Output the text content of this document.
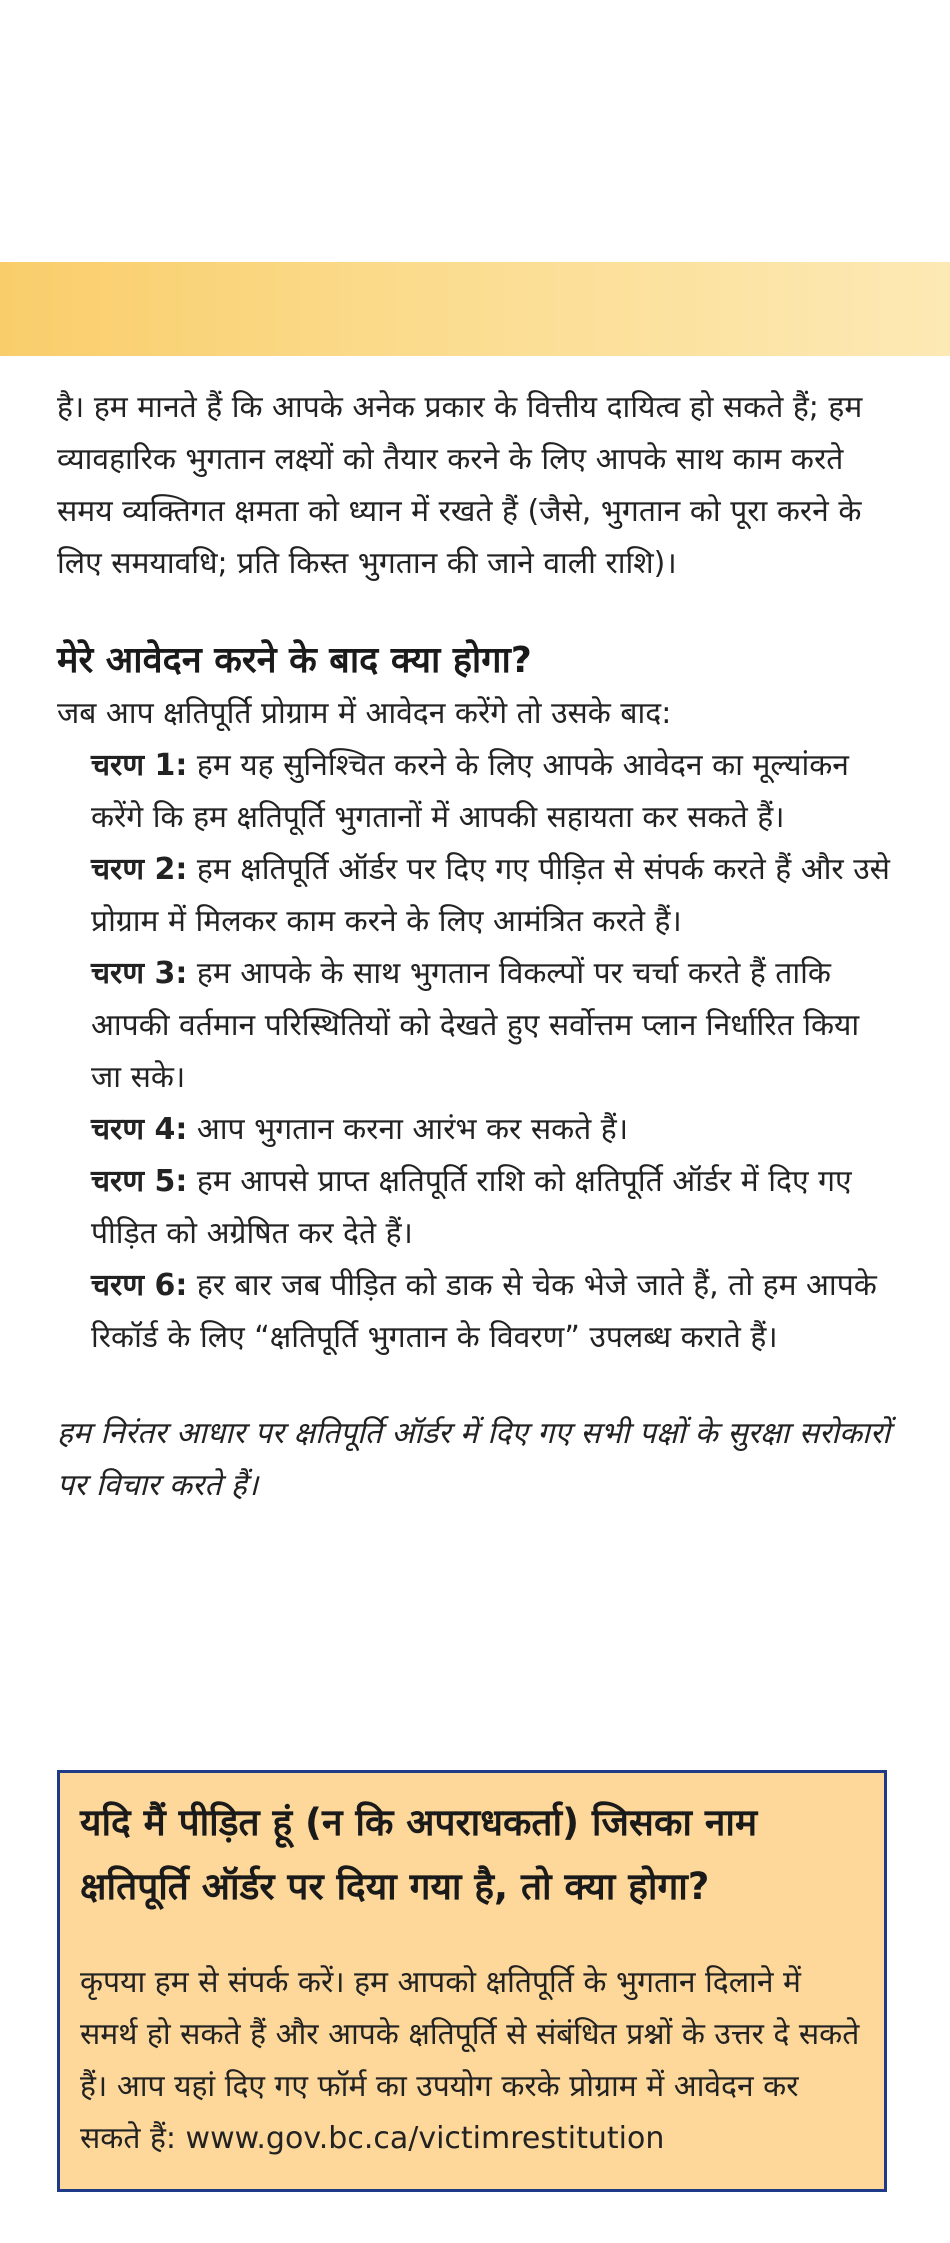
है। हम मानते हैं कि आपके अनेक प्रकार के वित्तीय दायित्व हो सकते हैं; हम व्यावहारिक भुगतान लक्ष्यों को तैयार करने के लिए आपके साथ काम करते समय व्यक्तिगत क्षमता को ध्यान में रखते हैं (जैसे, भुगतान को पूरा करने के लिए समयावधि; प्रति किस्त भुगतान की जाने वाली राशि)।

मेरे आवेदन करने के बाद क्या होगा?

जब आप क्षतिपूर्ति प्रोग्राम में आवेदन करेंगे तो उसके बाद:

चरण 1: हम यह सुनिश्चित करने के लिए आपके आवेदन का मूल्यांकन करेंगे कि हम क्षतिपूर्ति भुगतानों में आपकी सहायता कर सकते हैं।

चरण 2: हम क्षतिपूर्ति ऑर्डर पर दिए गए पीड़ित से संपर्क करते हैं और उसे प्रोग्राम में मिलकर काम करने के लिए आमंत्रित करते हैं।

चरण 3: हम आपके के साथ भुगतान विकल्पों पर चर्चा करते हैं ताकि आपकी वर्तमान परिस्थितियों को देखते हुए सर्वोत्तम प्लान निर्धारित किया जा सके।

चरण 4: आप भुगतान करना आरंभ कर सकते हैं।

चरण 5: हम आपसे प्राप्त क्षतिपूर्ति राशि को क्षतिपूर्ति ऑर्डर में दिए गए पीड़ित को अग्रेषित कर देते हैं।

चरण 6: हर बार जब पीड़ित को डाक से चेक भेजे जाते हैं, तो हम आपके रिकॉर्ड के लिए “क्षतिपूर्ति भुगतान के विवरण” उपलब्ध कराते हैं।

हम निरंतर आधार पर क्षतिपूर्ति ऑर्डर में दिए गए सभी पक्षों के सुरक्षा सरोकारों पर विचार करते हैं।

यदि मैं पीड़ित हूं (न कि अपराधकर्ता) जिसका नाम क्षतिपूर्ति ऑर्डर पर दिया गया है, तो क्या होगा?

कृपया हम से संपर्क करें। हम आपको क्षतिपूर्ति के भुगतान दिलाने में समर्थ हो सकते हैं और आपके क्षतिपूर्ति से संबंधित प्रश्नों के उत्तर दे सकते हैं। आप यहां दिए गए फॉर्म का उपयोग करके प्रोग्राम में आवेदन कर सकते हैं: www.gov.bc.ca/victimrestitution
